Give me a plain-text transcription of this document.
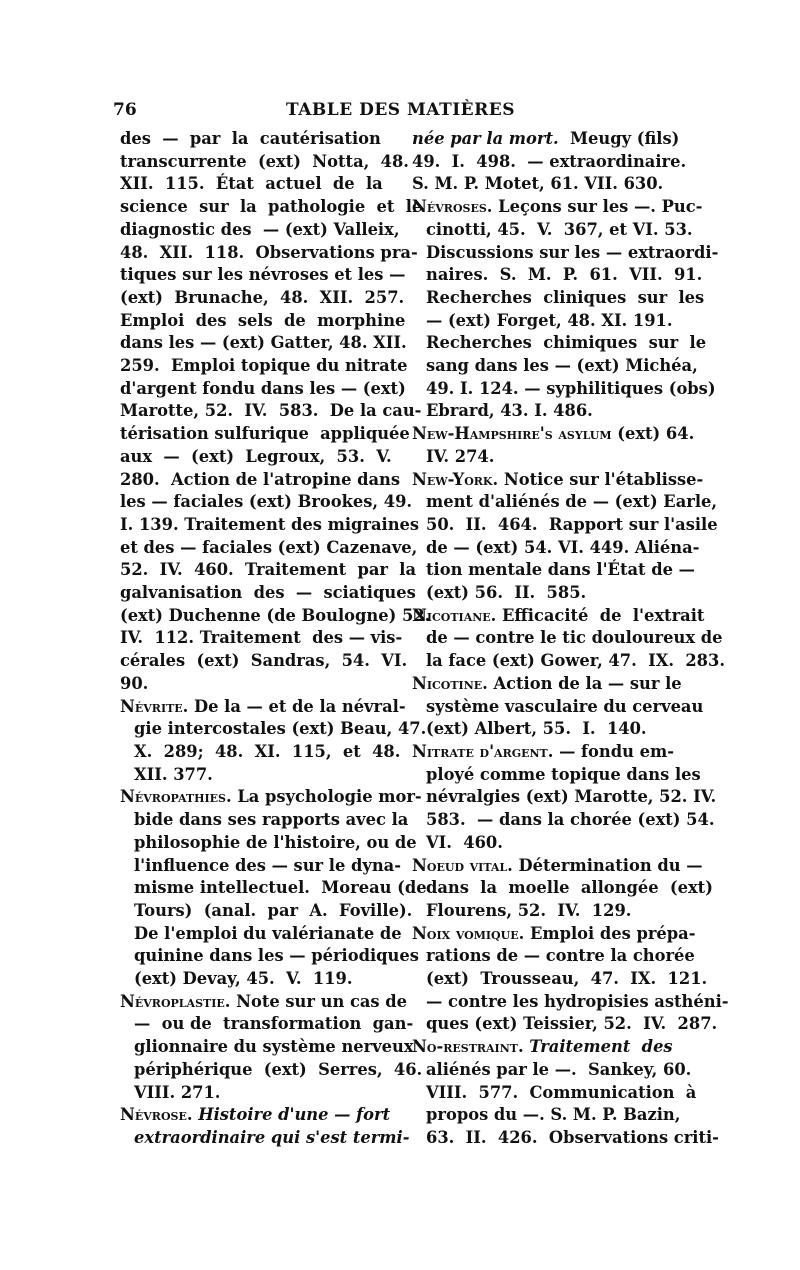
76	TABLE DES MATIÈRES
des  —  par  la  cautérisation
transcurrente  (ext)  Notta,  48.
XII.  115.  État  actuel  de  la
science  sur  la  pathologie  et  le
diagnostic des  — (ext) Valleix,
48.  XII.  118.  Observations pra-
tiques sur les névroses et les —
(ext)  Brunache,  48.  XII.  257.
Emploi  des  sels  de  morphine
dans les — (ext) Gatter, 48. XII.
259.  Emploi topique du nitrate
d'argent fondu dans les — (ext)
Marotte, 52.  IV.  583.  De la cau-
térisation sulfurique  appliquée
aux  —  (ext)  Legroux,  53.  V.
280.  Action de l'atropine dans
les — faciales (ext) Brookes, 49.
I. 139. Traitement des migraines
et des — faciales (ext) Cazenave,
52.  IV.  460.  Traitement  par  la
galvanisation  des  —  sciatiques
(ext) Duchenne (de Boulogne) 52.
IV.  112. Traitement  des — vis-
cérales  (ext)  Sandras,  54.  VI.
90.
Névrite. De la — et de la névral-
gie intercostales (ext) Beau, 47.
X.  289;  48.  XI.  115,  et  48.
XII. 377.
Névropathies. La psychologie mor-
bide dans ses rapports avec la
philosophie de l'histoire, ou de
l'influence des — sur le dyna-
misme intellectuel.  Moreau (de
Tours)  (anal.  par  A.  Foville).
De l'emploi du valérianate de
quinine dans les — périodiques
(ext) Devay, 45.  V.  119.
Névroplastie. Note sur un cas de
—  ou de  transformation  gan-
glionnaire du système nerveux
périphérique  (ext)  Serres,  46.
VIII. 271.
Névrose. Histoire d'une — fort
extraordinaire qui s'est termi-
née par la mort.  Meugy (fils)
49.  I.  498.  — extraordinaire.
S. M. P. Motet, 61. VII. 630.
Névroses. Leçons sur les —. Puc-
cinotti, 45.  V.  367, et VI. 53.
Discussions sur les — extraordi-
naires.  S.  M.  P.  61.  VII.  91.
Recherches  cliniques  sur  les
— (ext) Forget, 48. XI. 191.
Recherches  chimiques  sur  le
sang dans les — (ext) Michéa,
49. I. 124. — syphilitiques (obs)
Ebrard, 43. I. 486.
New-Hampshire's asylum (ext) 64.
IV. 274.
New-York. Notice sur l'établisse-
ment d'aliénés de — (ext) Earle,
50.  II.  464.  Rapport sur l'asile
de — (ext) 54. VI. 449. Aliéna-
tion mentale dans l'État de —
(ext) 56.  II.  585.
Nicotiane. Efficacité  de  l'extrait
de — contre le tic douloureux de
la face (ext) Gower, 47.  IX.  283.
Nicotine. Action de la — sur le
système vasculaire du cerveau
(ext) Albert, 55.  I.  140.
Nitrate d'argent. — fondu em-
ployé comme topique dans les
névralgies (ext) Marotte, 52. IV.
583.  — dans la chorée (ext) 54.
VI.  460.
Noeud vital. Détermination du —
dans  la  moelle  allongée  (ext)
Flourens, 52.  IV.  129.
Noix vomique. Emploi des prépa-
rations de — contre la chorée
(ext)  Trousseau,  47.  IX.  121.
— contre les hydropisies asthéni-
ques (ext) Teissier, 52.  IV.  287.
No-restraint. Traitement  des
aliénés par le —.  Sankey, 60.
VIII.  577.  Communication  à
propos du —. S. M. P. Bazin,
63.  II.  426.  Observations criti-
